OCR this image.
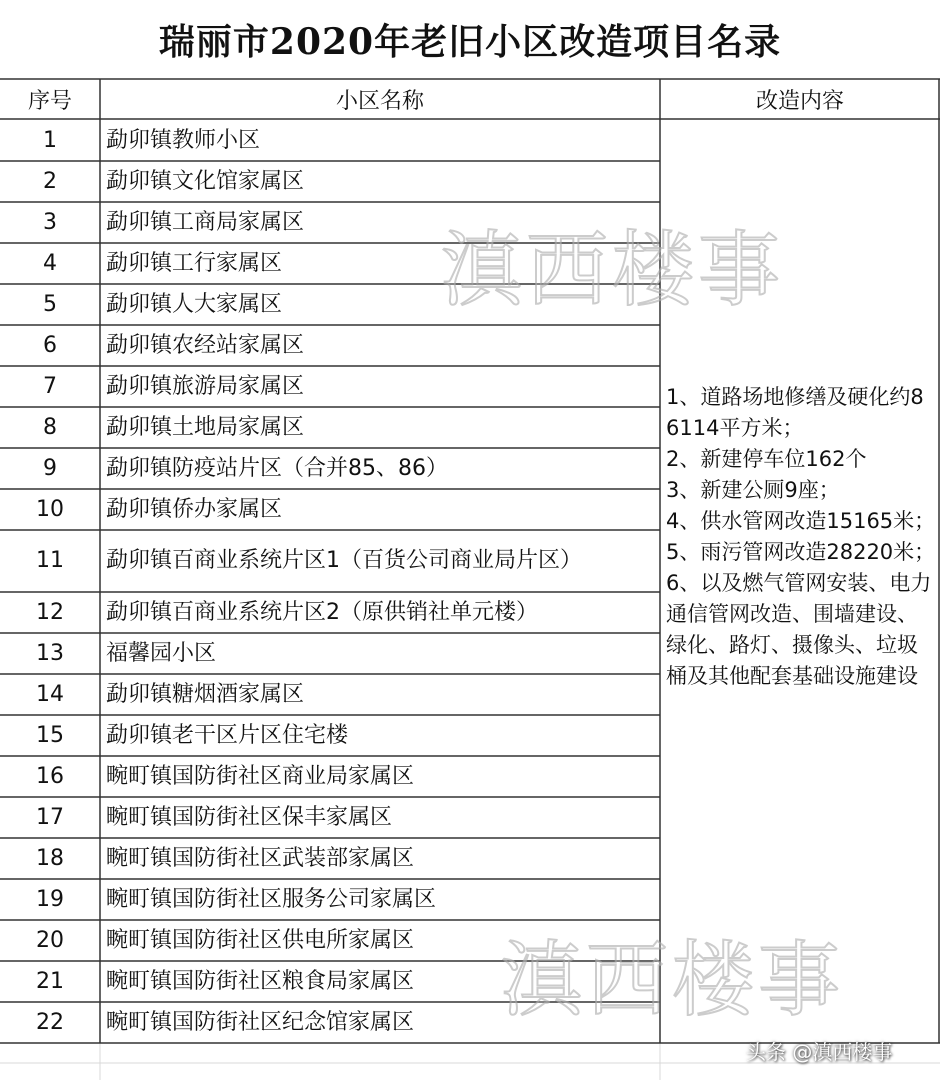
瑞丽市2020年老旧小区改造项目名录
序号	小区名称	改造内容
1	勐卯镇教师小区
2	勐卯镇文化馆家属区
3	勐卯镇工商局家属区
4	勐卯镇工行家属区
5	勐卯镇人大家属区
6	勐卯镇农经站家属区
7	勐卯镇旅游局家属区
8	勐卯镇土地局家属区
9	勐卯镇防疫站片区（合并85、86）
10	勐卯镇侨办家属区
11	勐卯镇百商业系统片区1（百货公司商业局片区）
12	勐卯镇百商业系统片区2（原供销社单元楼）
13	福馨园小区
14	勐卯镇糖烟酒家属区
15	勐卯镇老干区片区住宅楼
16	畹町镇国防街社区商业局家属区
17	畹町镇国防街社区保丰家属区
18	畹町镇国防街社区武装部家属区
19	畹町镇国防街社区服务公司家属区
20	畹町镇国防街社区供电所家属区
21	畹町镇国防街社区粮食局家属区
22	畹町镇国防街社区纪念馆家属区
1、道路场地修缮及硬化约86114平方米；
2、新建停车位162个
3、新建公厕9座；
4、供水管网改造15165米；
5、雨污管网改造28220米；
6、以及燃气管网安装、电力通信管网改造、围墙建设、绿化、路灯、摄像头、垃圾桶及其他配套基础设施建设
滇西楼事
滇西楼事
头条 @滇西楼事
